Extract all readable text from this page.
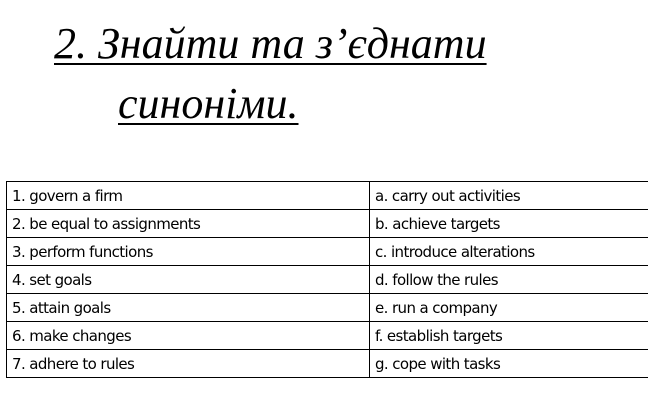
2. Знайти та з’єднати
синоніми.
1. govern a firm	a. carry out activities
2. be equal to assignments	b. achieve targets
3. perform functions	c. introduce alterations
4. set goals	d. follow the rules
5. attain goals	e. run a company
6. make changes	f. establish targets
7. adhere to rules	g. cope with tasks
